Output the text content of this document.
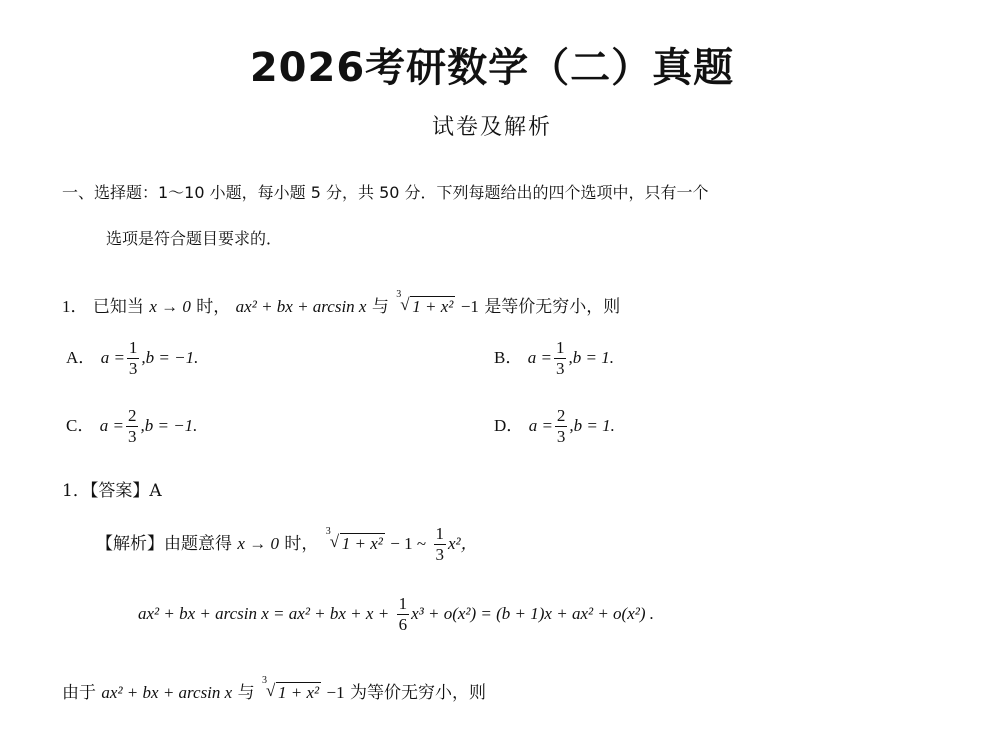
2026考研数学（二）真题
试卷及解析
一、选择题：1～10 小题，每小题 5 分，共 50 分．下列每题给出的四个选项中，只有一个
选项是符合题目要求的．
1． 已知当 x → 0 时， ax² + bx + arcsin x 与
3
√ 1 + x² −1 是等价无穷小，则
A． $a = \frac{1}{3} ,b = -1$.	B． $a = \frac{1}{3} ,b = 1$.
C． $a = \frac{2}{3} ,b = -1$.	D． $a = \frac{2}{3} ,b = 1$.
1．【答案】A
【解析】由题意得 x → 0 时，
3
√ 1 + x² − 1 ~ $\frac{1}{3} x^2$，
ax² + bx + arcsin x = ax² + bx + $x + \frac{1}{6} x^3 + o(x^2) = (b + 1)x + ax^2 + o(x^2)$ .
由于 ax² + bx + arcsin x 与
3
√ 1 + x² −1 为等价无穷小，则
